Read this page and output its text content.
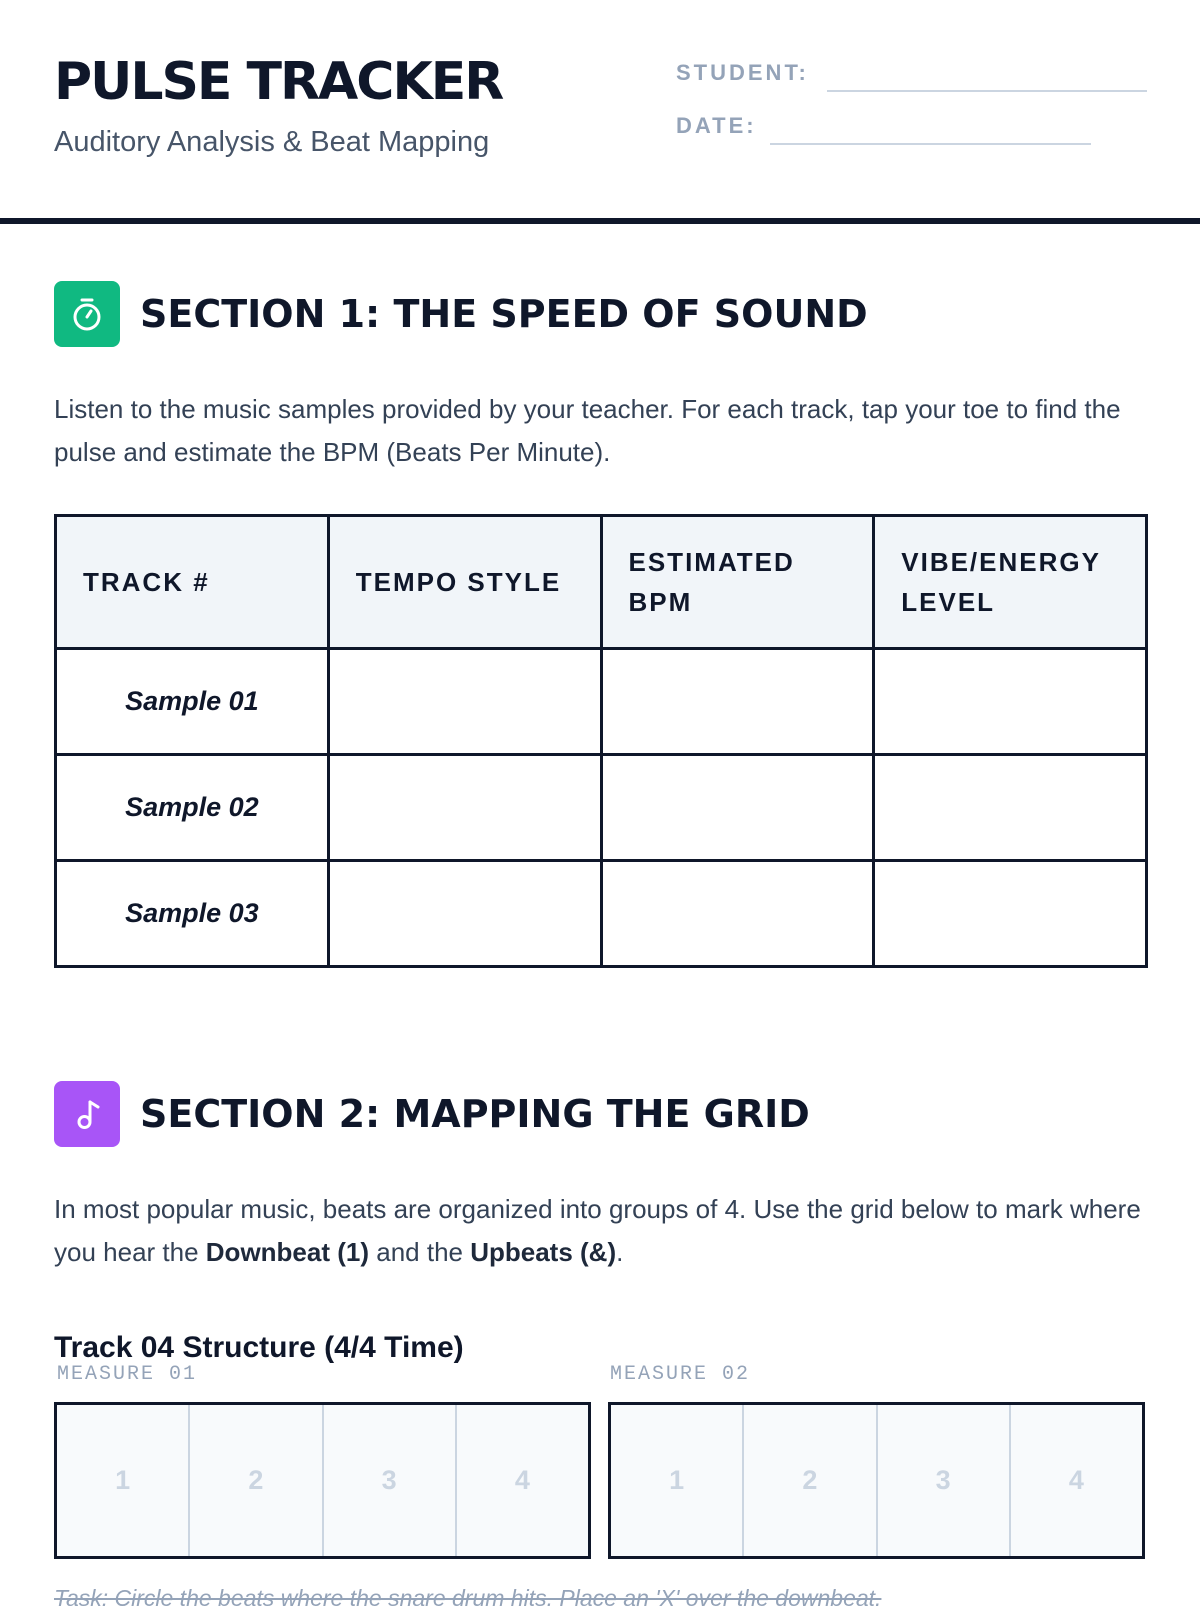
PULSE TRACKER
Auditory Analysis & Beat Mapping
STUDENT:
DATE:
SECTION 1: THE SPEED OF SOUND

Listen to the music samples provided by your teacher. For each track, tap your toe to find the pulse and estimate the BPM (Beats Per Minute).

TRACK #	TEMPO STYLE	ESTIMATED BPM	VIBE/ENERGY LEVEL
Sample 01			
Sample 02			
Sample 03			
SECTION 2: MAPPING THE GRID

In most popular music, beats are organized into groups of 4. Use the grid below to mark where you hear the Downbeat (1) and the Upbeats (&).

Track 04 Structure (4/4 Time)
MEASURE 01
1	2	3	4
MEASURE 02
1	2	3	4

Task: Circle the beats where the snare drum hits. Place an 'X' over the downbeat.
